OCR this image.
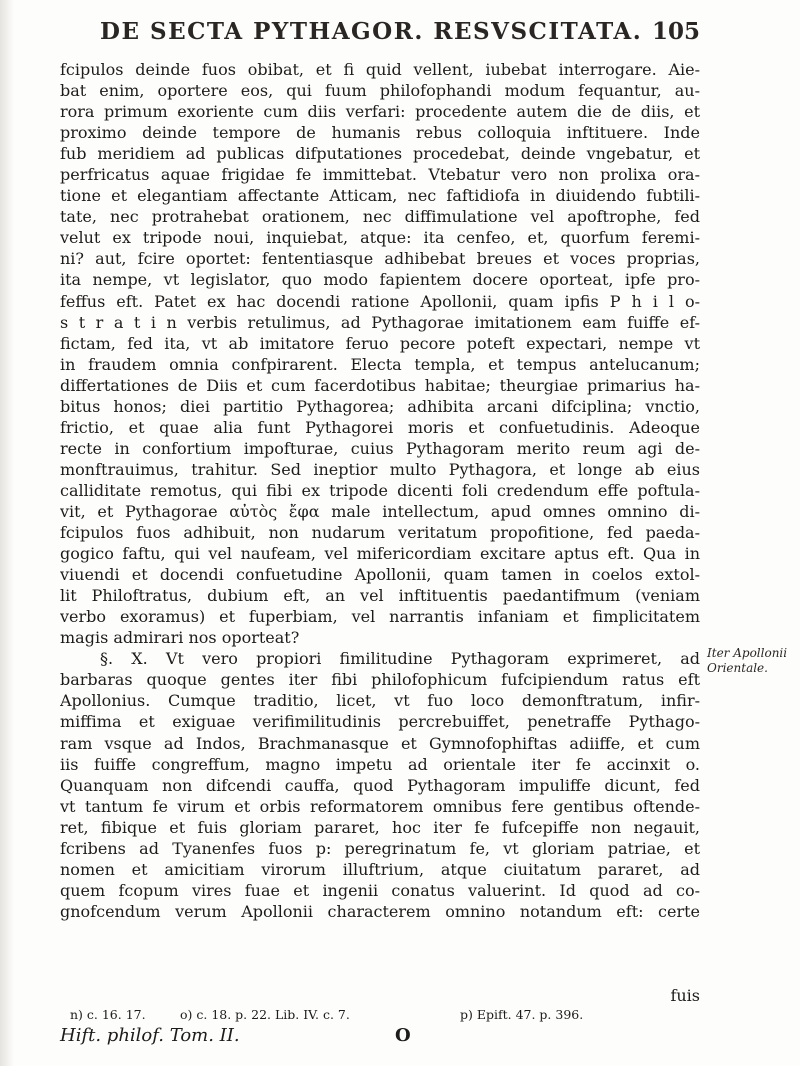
DE SECTA PYTHAGOR. RESVSCITATA. 105
fcipulos deinde fuos obibat, et fi quid vellent, iubebat interrogare. Aie-
bat enim, oportere eos, qui fuum philofophandi modum fequantur, au-
rora primum exoriente cum diis verfari: procedente autem die de diis, et
proximo deinde tempore de humanis rebus colloquia inftituere. Inde
fub meridiem ad publicas difputationes procedebat, deinde vngebatur, et
perfricatus aquae frigidae fe immittebat. Vtebatur vero non prolixa ora-
tione et elegantiam affectante Atticam, nec faftidiofa in diuidendo fubtili-
tate, nec protrahebat orationem, nec diffimulatione vel apoftrophe, fed
velut ex tripode noui, inquiebat, atque: ita cenfeo, et, quorfum feremi-
ni? aut, fcire oportet: fententiasque adhibebat breues et voces proprias,
ita nempe, vt legislator, quo modo fapientem docere oporteat, ipfe pro-
feffus eft. Patet ex hac docendi ratione Apollonii, quam ipfis P h i l o-
s t r a t i n verbis retulimus, ad Pythagorae imitationem eam fuiffe ef-
fictam, fed ita, vt ab imitatore feruo pecore poteft expectari, nempe vt
in fraudem omnia confpirarent. Electa templa, et tempus antelucanum;
differtationes de Diis et cum facerdotibus habitae; theurgiae primarius ha-
bitus honos; diei partitio Pythagorea; adhibita arcani difciplina; vnctio,
frictio, et quae alia funt Pythagorei moris et confuetudinis. Adeoque
recte in confortium impofturae, cuius Pythagoram merito reum agi de-
monftrauimus, trahitur. Sed ineptior multo Pythagora, et longe ab eius
calliditate remotus, qui fibi ex tripode dicenti foli credendum effe poftula-
vit, et Pythagorae αὐτὸς ἔφα male intellectum, apud omnes omnino di-
fcipulos fuos adhibuit, non nudarum veritatum propofitione, fed paeda-
gogico faftu, qui vel naufeam, vel mifericordiam excitare aptus eft. Qua in
viuendi et docendi confuetudine Apollonii, quam tamen in coelos extol-
lit Philoftratus, dubium eft, an vel inftituentis paedantifmum (veniam
verbo exoramus) et fuperbiam, vel narrantis infaniam et fimplicitatem
magis admirari nos oporteat?
§. X. Vt vero propiori fimilitudine Pythagoram exprimeret, ad
barbaras quoque gentes iter fibi philofophicum fufcipiendum ratus eft
Apollonius. Cumque traditio, licet, vt fuo loco demonftratum, infir-
miffima et exiguae verifimilitudinis percrebuiffet, penetraffe Pythago-
ram vsque ad Indos, Brachmanasque et Gymnofophiftas adiiffe, et cum
iis fuiffe congreffum, magno impetu ad orientale iter fe accinxit o.
Quanquam non difcendi cauffa, quod Pythagoram impuliffe dicunt, fed
vt tantum fe virum et orbis reformatorem omnibus fere gentibus oftende-
ret, fibique et fuis gloriam pararet, hoc iter fe fufcepiffe non negauit,
fcribens ad Tyanenfes fuos p: peregrinatum fe, vt gloriam patriae, et
nomen et amicitiam virorum illuftrium, atque ciuitatum pararet, ad
quem fcopum vires fuae et ingenii conatus valuerint. Id quod ad co-
gnofcendum verum Apollonii characterem omnino notandum eft: certe
fuis
Iter Apollonii Orientale.
n) c. 16. 17.	o) c. 18. p. 22. Lib. IV. c. 7.	p) Epift. 47. p. 396.
Hift. philof. Tom. II.	O
